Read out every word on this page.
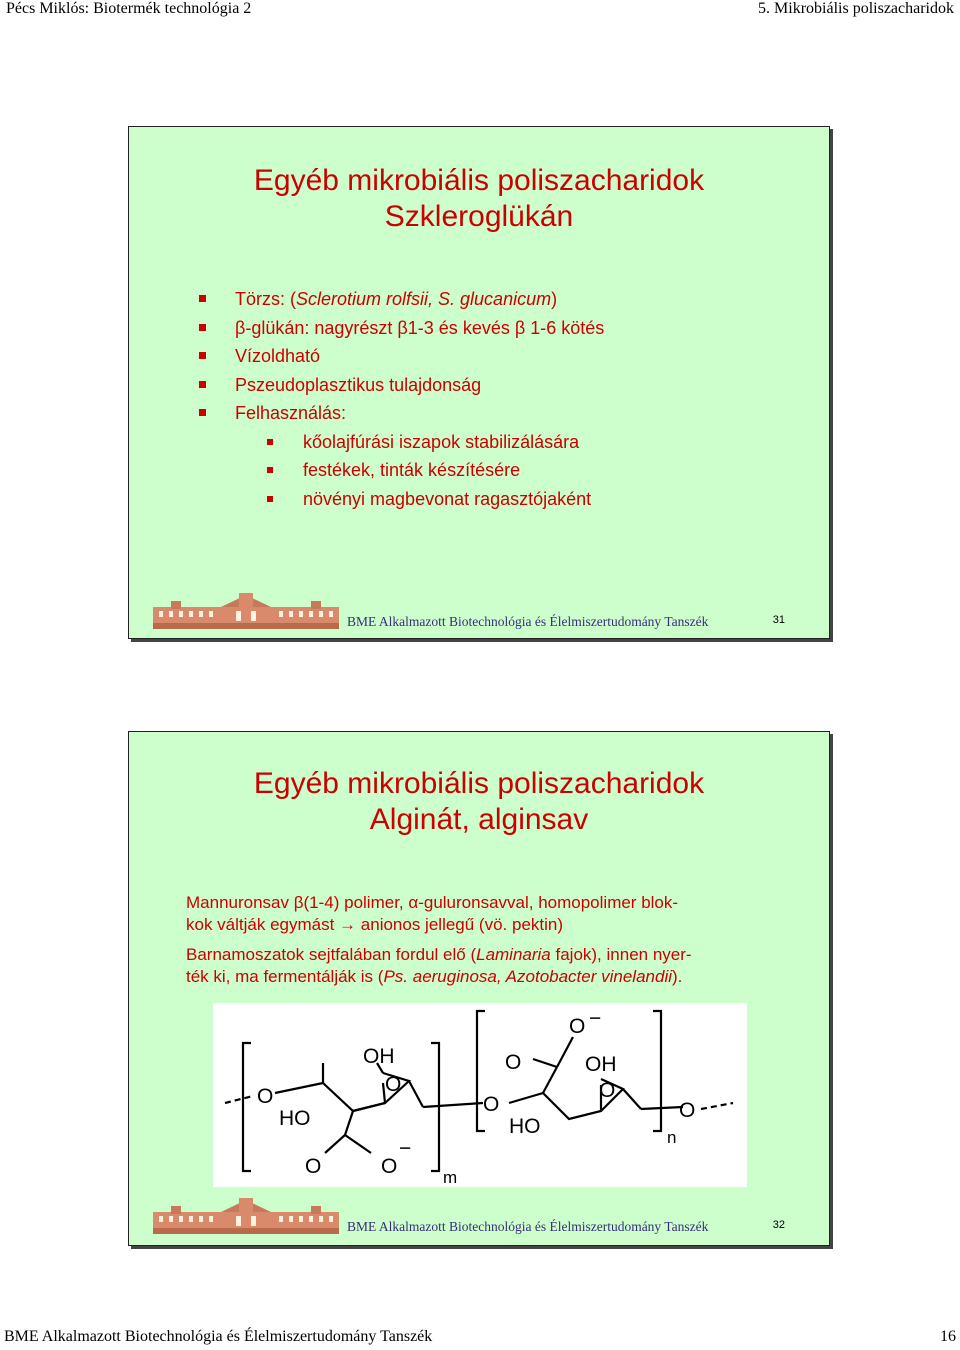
Pécs Miklós: Biotermék technológia 2	5. Mikrobiális poliszacharidok
Egyéb mikrobiális poliszacharidok
Szkleroglükán
Törzs: (Sclerotium rolfsii, S. glucanicum)
β-glükán: nagyrészt β1-3 és kevés β 1-6 kötés
Vízoldható
Pszeudoplasztikus tulajdonság
Felhasználás:
kőolajfúrási iszapok stabilizálására
festékek, tinták készítésére
növényi magbevonat ragasztójaként
BME Alkalmazott Biotechnológia és Élelmiszertudomány Tanszék	31
Egyéb mikrobiális poliszacharidok
Alginát, alginsav
Mannuronsav β(1-4) polimer, α-guluronsavval, homopolimer blok-
kok váltják egymást → anionos jellegű (vö. pektin)
Barnamoszatok sejtfalában fordul elő (Laminaria fajok), innen nyer-
ték ki, ma fermentálják is (Ps. aeruginosa, Azotobacter vinelandii).
OH
O
HO
O
O	O
−
m
O
O −
O	OH
O
HO
O
n
BME Alkalmazott Biotechnológia és Élelmiszertudomány Tanszék	32
BME Alkalmazott Biotechnológia és Élelmiszertudomány Tanszék	16
